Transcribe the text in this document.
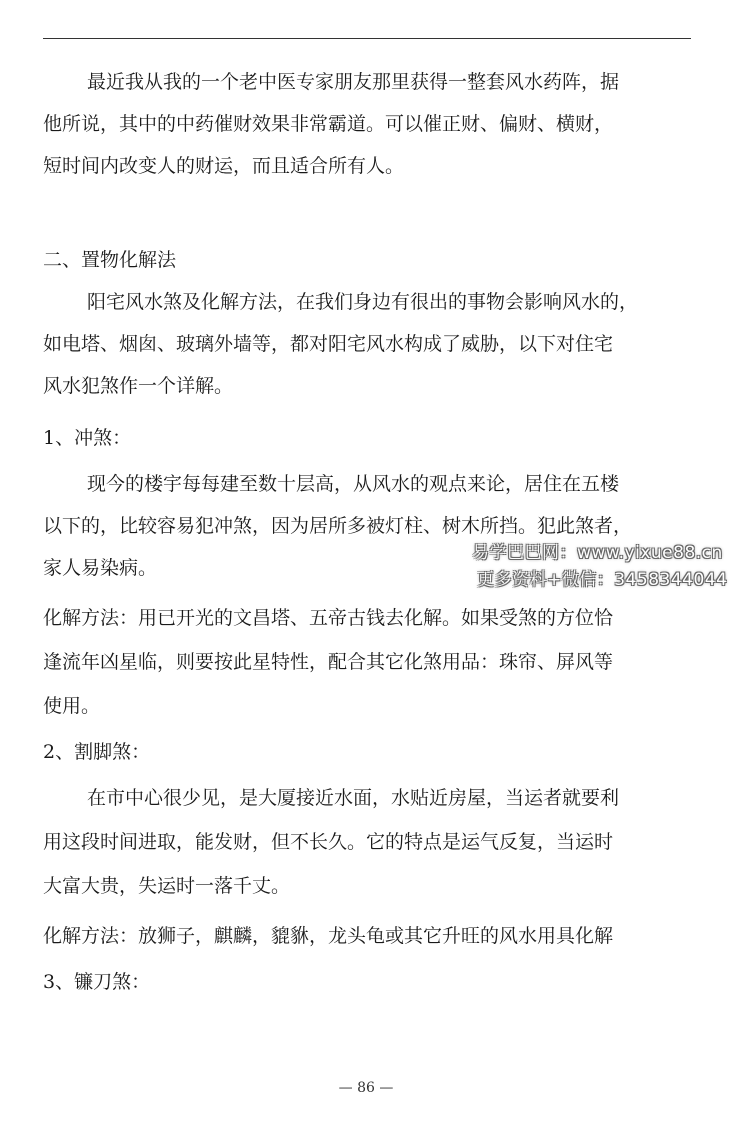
最近我从我的一个老中医专家朋友那里获得一整套风水药阵，据
他所说，其中的中药催财效果非常霸道。可以催正财、偏财、横财，
短时间内改变人的财运，而且适合所有人。
二、置物化解法
阳宅风水煞及化解方法，在我们身边有很出的事物会影响风水的，
如电塔、烟囱、玻璃外墙等，都对阳宅风水构成了威胁，以下对住宅
风水犯煞作一个详解。
1、冲煞：
现今的楼宇每每建至数十层高，从风水的观点来论，居住在五楼
以下的，比较容易犯冲煞，因为居所多被灯柱、树木所挡。犯此煞者，
家人易染病。
化解方法：用已开光的文昌塔、五帝古钱去化解。如果受煞的方位恰
逢流年凶星临，则要按此星特性，配合其它化煞用品：珠帘、屏风等
使用。
2、割脚煞：
在市中心很少见，是大厦接近水面，水贴近房屋，当运者就要利
用这段时间进取，能发财，但不长久。它的特点是运气反复，当运时
大富大贵，失运时一落千丈。
化解方法：放狮子，麒麟，貔貅，龙头龟或其它升旺的风水用具化解
3、镰刀煞：
易学巴巴网：www.yixue88.cn
更多资料+微信：3458344044
— 86 —
